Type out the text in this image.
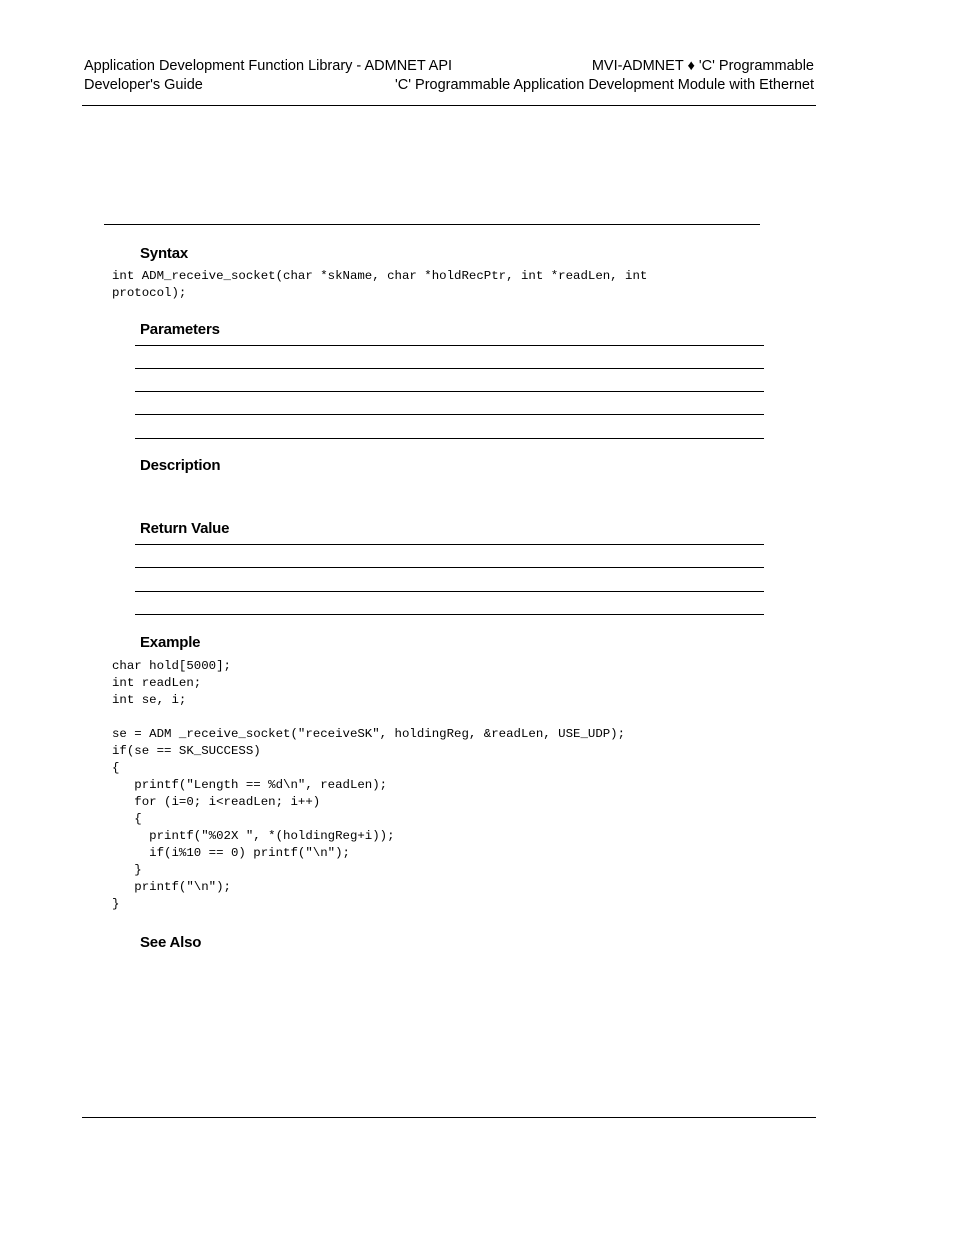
Application Development Function Library - ADMNET API
Developer's Guide
MVI-ADMNET ♦ 'C' Programmable
'C' Programmable Application Development Module with Ethernet
Syntax
int ADM_receive_socket(char *skName, char *holdRecPtr, int *readLen, int
protocol);
Parameters
Description
Return Value
Example
char hold[5000];
int readLen;
int se, i;

se = ADM _receive_socket("receiveSK", holdingReg, &readLen, USE_UDP);
if(se == SK_SUCCESS)
{
printf("Length == %d\n", readLen);
for (i=0; i<readLen; i++)
{
printf("%02X ", *(holdingReg+i));
if(i%10 == 0) printf("\n");
}
printf("\n");
}
See Also
